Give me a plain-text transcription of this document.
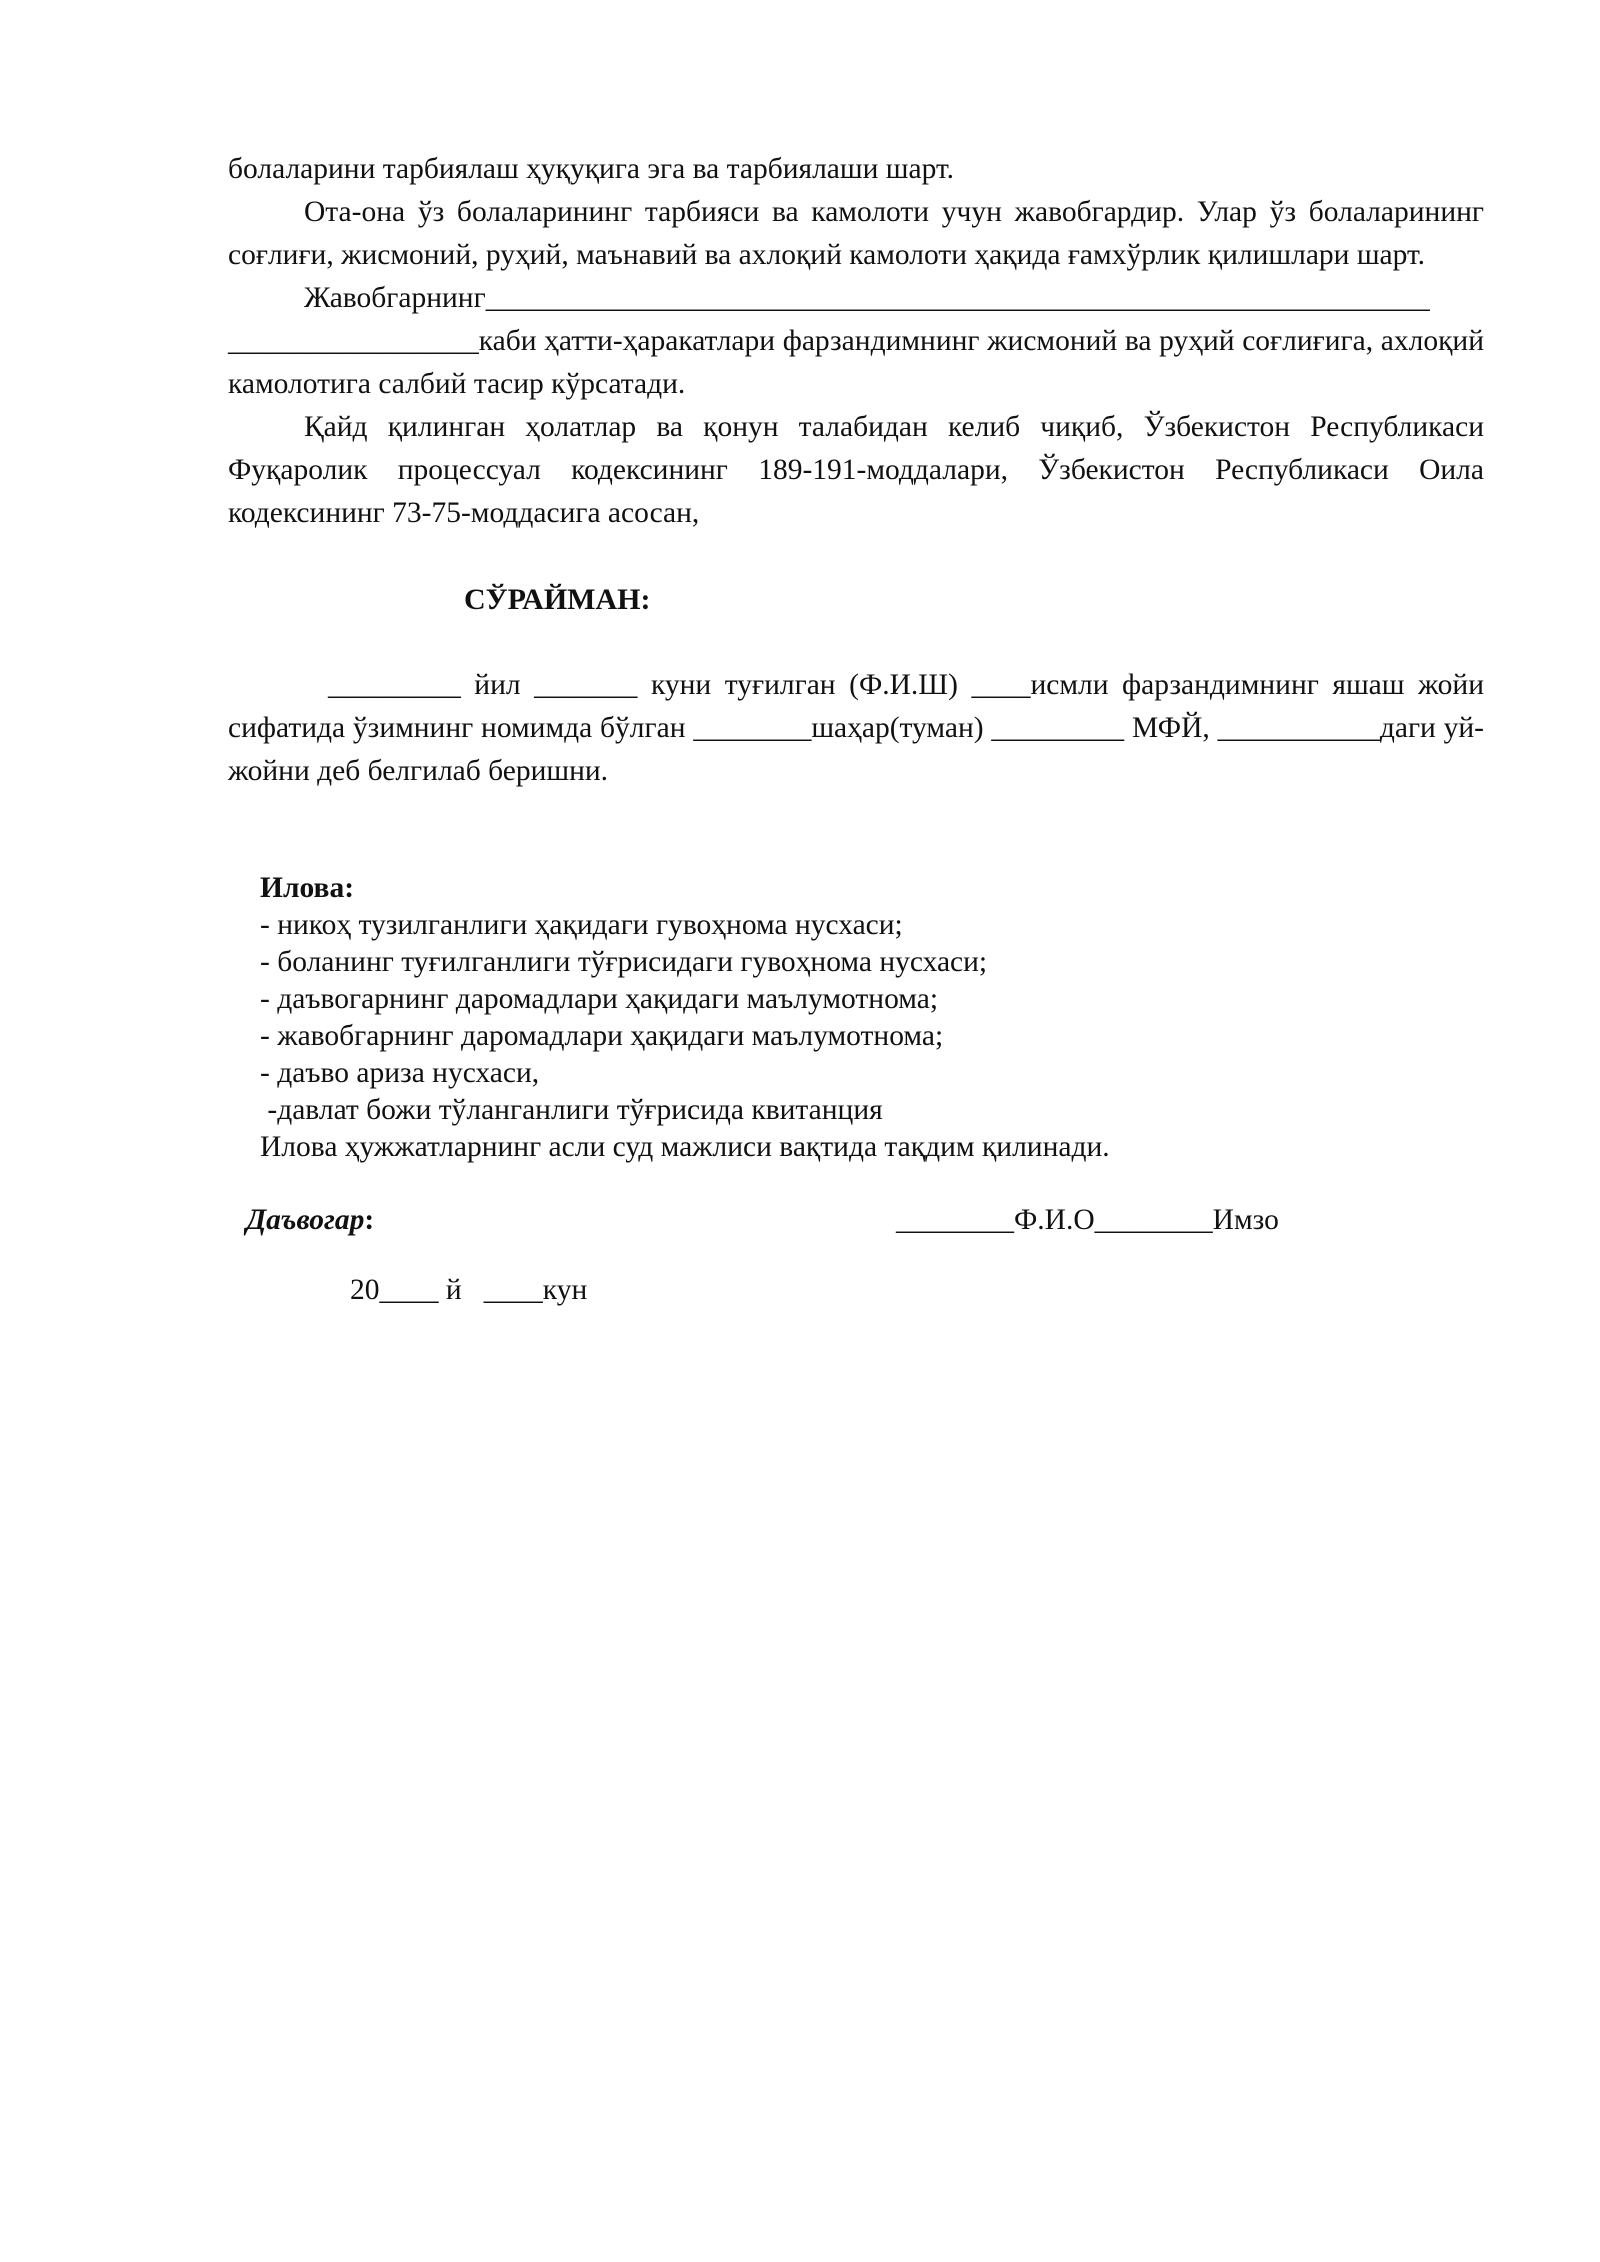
болаларини тарбиялаш ҳуқуқига эга ва тарбиялаши шарт.

Ота-она ўз болаларининг тарбияси ва камолоти учун жавобгардир. Улар ўз болаларининг соғлиғи, жисмоний, руҳий, маънавий ва ахлоқий камолоти ҳақида ғамхўрлик қилишлари шарт.

Жавобгарнинг________________________________________________________________

_________________каби ҳатти-ҳаракатлари фарзандимнинг жисмоний ва руҳий соғлиғига, ахлоқий камолотига салбий тасир кўрсатади.

Қайд қилинган ҳолатлар ва қонун талабидан келиб чиқиб, Ўзбекистон Республикаси Фуқаролик процессуал кодексининг 189-191-моддалари, Ўзбекистон Республикаси Оила кодексининг 73-75-моддасига асосан,

СЎРАЙМАН:

_________ йил _______ куни туғилган (Ф.И.Ш) ____исмли фарзандимнинг яшаш жойи сифатида ўзимнинг номимда бўлган ________шаҳар(туман) _________ МФЙ, ___________даги уй-жойни деб белгилаб беришни.

Илова:
- никоҳ тузилганлиги ҳақидаги гувоҳнома нусхаси;
- боланинг туғилганлиги тўғрисидаги гувоҳнома нусхаси;
- даъвогарнинг даромадлари ҳақидаги маълумотнома;
- жавобгарнинг даромадлари ҳақидаги маълумотнома;
- даъво ариза нусхаси,
-давлат божи тўланганлиги тўғрисида квитанция
Илова ҳужжатларнинг асли суд мажлиси вақтида тақдим қилинади.
Даъвогар:	________Ф.И.О________Имзо
20____ й   ____кун
